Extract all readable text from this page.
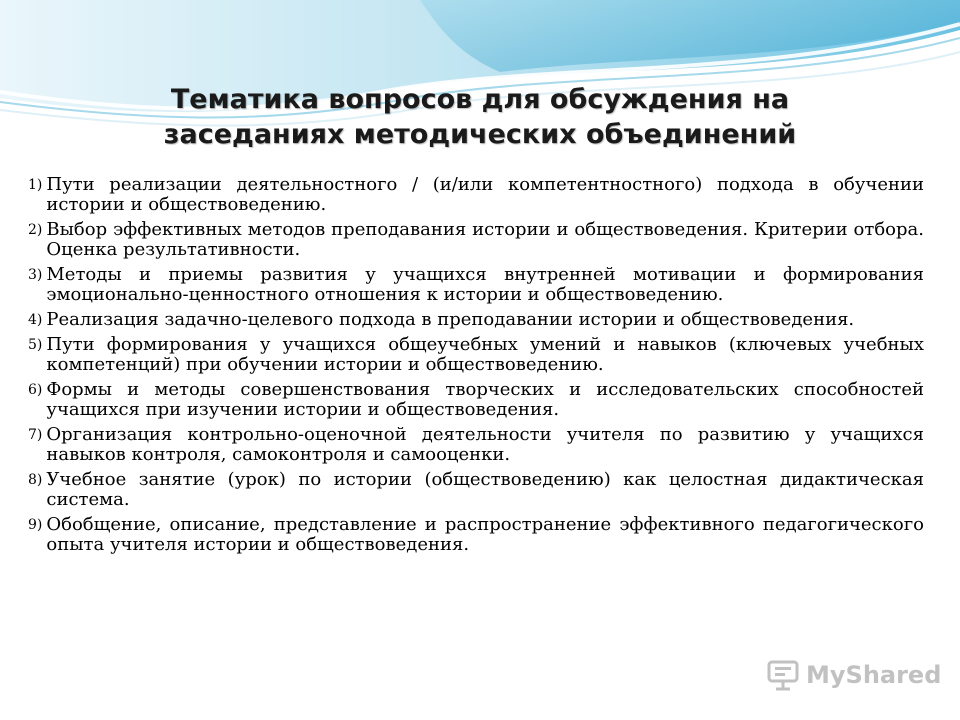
Тематика вопросов для обсуждения на
заседаниях методических объединений
1) Пути реализации деятельностного / (и/или компетентностного) подхода в обучении истории и обществоведению.
2) Выбор эффективных методов преподавания истории и обществоведения. Критерии отбора. Оценка результативности.
3) Методы и приемы развития у учащихся внутренней мотивации и формирования эмоционально-ценностного отношения к истории и обществоведению.
4) Реализация задачно-целевого подхода в преподавании истории и обществоведения.
5) Пути формирования у учащихся общеучебных умений и навыков (ключевых учебных компетенций) при обучении истории и обществоведению.
6) Формы и методы совершенствования творческих и исследовательских способностей учащихся при изучении истории и обществоведения.
7) Организация контрольно-оценочной деятельности учителя по развитию у учащихся навыков контроля, самоконтроля и самооценки.
8) Учебное занятие (урок) по истории (обществоведению) как целостная дидактическая система.
9) Обобщение, описание, представление и распространение эффективного педагогического опыта учителя истории и обществоведения.
MyShared
